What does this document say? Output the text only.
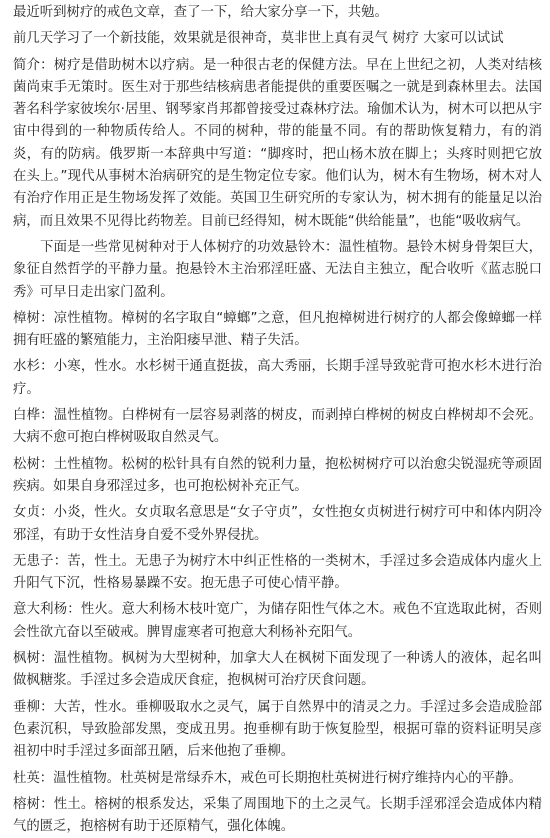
最近听到树疗的戒色文章，查了一下，给大家分享一下，共勉。

前几天学习了一个新技能，效果就是很神奇，莫非世上真有灵气 树疗 大家可以试试

简介：树疗是借助树木以疗病。是一种很古老的保健方法。早在上世纪之初，人类对结核菌尚束手无策时。医生对于那些结核病患者能提供的重要医嘱之一就是到森林里去。法国著名科学家彼埃尔·居里、钢琴家肖邦都曾接受过森林疗法。瑜伽术认为，树木可以把从宇宙中得到的一种物质传给人。不同的树种，带的能量不同。有的帮助恢复精力，有的消炎，有的防病。俄罗斯一本辞典中写道：“脚疼时，把山杨木放在脚上；头疼时则把它放在头上。”现代从事树木治病研究的是生物定位专家。他们认为，树木有生物场，树木对人有治疗作用正是生物场发挥了效能。英国卫生研究所的专家认为，树木拥有的能量足以治病，而且效果不见得比药物差。目前已经得知，树木既能“供给能量”，也能“吸收病气。

下面是一些常见树种对于人体树疗的功效悬铃木：温性植物。悬铃木树身骨架巨大，象征自然哲学的平静力量。抱悬铃木主治邪淫旺盛、无法自主独立，配合收听《蓝志脱口秀》可早日走出家门盈利。

樟树：凉性植物。樟树的名字取自“蟑螂”之意，但凡抱樟树进行树疗的人都会像蟑螂一样拥有旺盛的繁殖能力，主治阳痿早泄、精子失活。

水杉：小寒，性水。水杉树干通直挺拔，高大秀丽，长期手淫导致驼背可抱水杉木进行治疗。

白桦：温性植物。白桦树有一层容易剥落的树皮，而剥掉白桦树的树皮白桦树却不会死。大病不愈可抱白桦树吸取自然灵气。

松树：土性植物。松树的松针具有自然的锐利力量，抱松树树疗可以治愈尖锐湿疣等顽固疾病。如果自身邪淫过多，也可抱松树补充正气。

女贞：小炎，性火。女贞取名意思是“女子守贞”，女性抱女贞树进行树疗可中和体内阴冷邪淫，有助于女性洁身自爱不受外界侵扰。

无患子：苦，性土。无患子为树疗木中纠正性格的一类树木，手淫过多会造成体内虚火上升阳气下沉，性格易暴躁不安。抱无患子可使心情平静。

意大利杨：性火。意大利杨木枝叶宽广，为储存阳性气体之木。戒色不宜选取此树，否则会性欲亢奋以至破戒。脾胃虚寒者可抱意大利杨补充阳气。

枫树：温性植物。枫树为大型树种，加拿大人在枫树下面发现了一种诱人的液体，起名叫做枫糖浆。手淫过多会造成厌食症，抱枫树可治疗厌食问题。

垂柳：大苦，性水。垂柳吸取水之灵气，属于自然界中的清灵之力。手淫过多会造成脸部色素沉积，导致脸部发黑，变成丑男。抱垂柳有助于恢复脸型，根据可靠的资料证明吴彦祖初中时手淫过多面部丑陋，后来他抱了垂柳。

杜英：温性植物。杜英树是常绿乔木，戒色可长期抱杜英树进行树疗维持内心的平静。

榕树：性土。榕树的根系发达，采集了周围地下的土之灵气。长期手淫邪淫会造成体内精气的匮乏，抱榕树有助于还原精气，强化体魄。
